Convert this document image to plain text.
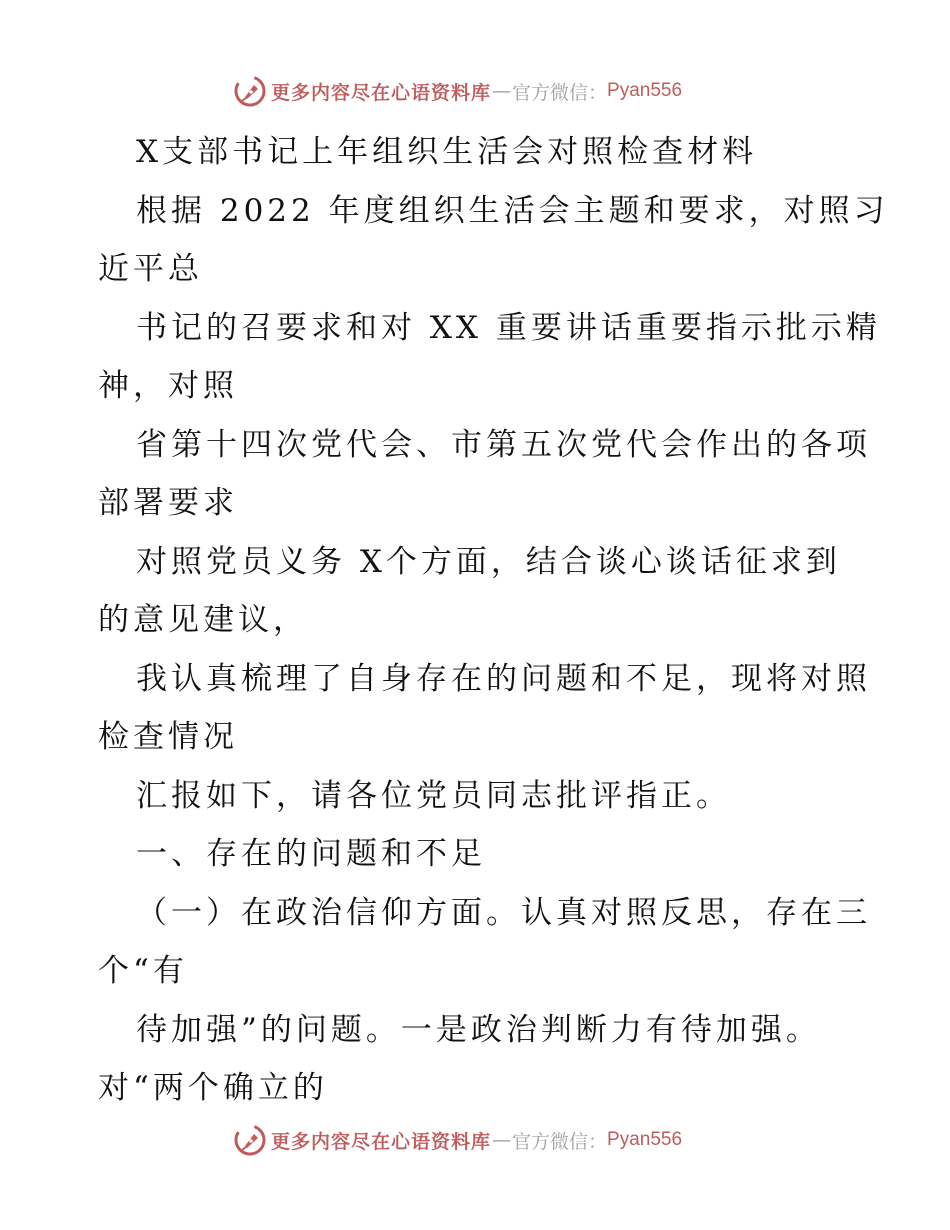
更多内容尽在心语资料库 — 官方微信： Pyan556
X支部书记上年组织生活会对照检查材料
根据 2022 年度组织生活会主题和要求，对照习
近平总
书记的召要求和对 XX 重要讲话重要指示批示精
神，对照
省第十四次党代会、市第五次党代会作出的各项
部署要求
对照党员义务 X个方面，结合谈心谈话征求到
的意见建议，
我认真梳理了自身存在的问题和不足，现将对照
检查情况
汇报如下，请各位党员同志批评指正。
一、存在的问题和不足
（一）在政治信仰方面。认真对照反思，存在三
个“有
待加强”的问题。一是政治判断力有待加强。
对“两个确立的
更多内容尽在心语资料库 — 官方微信： Pyan556
